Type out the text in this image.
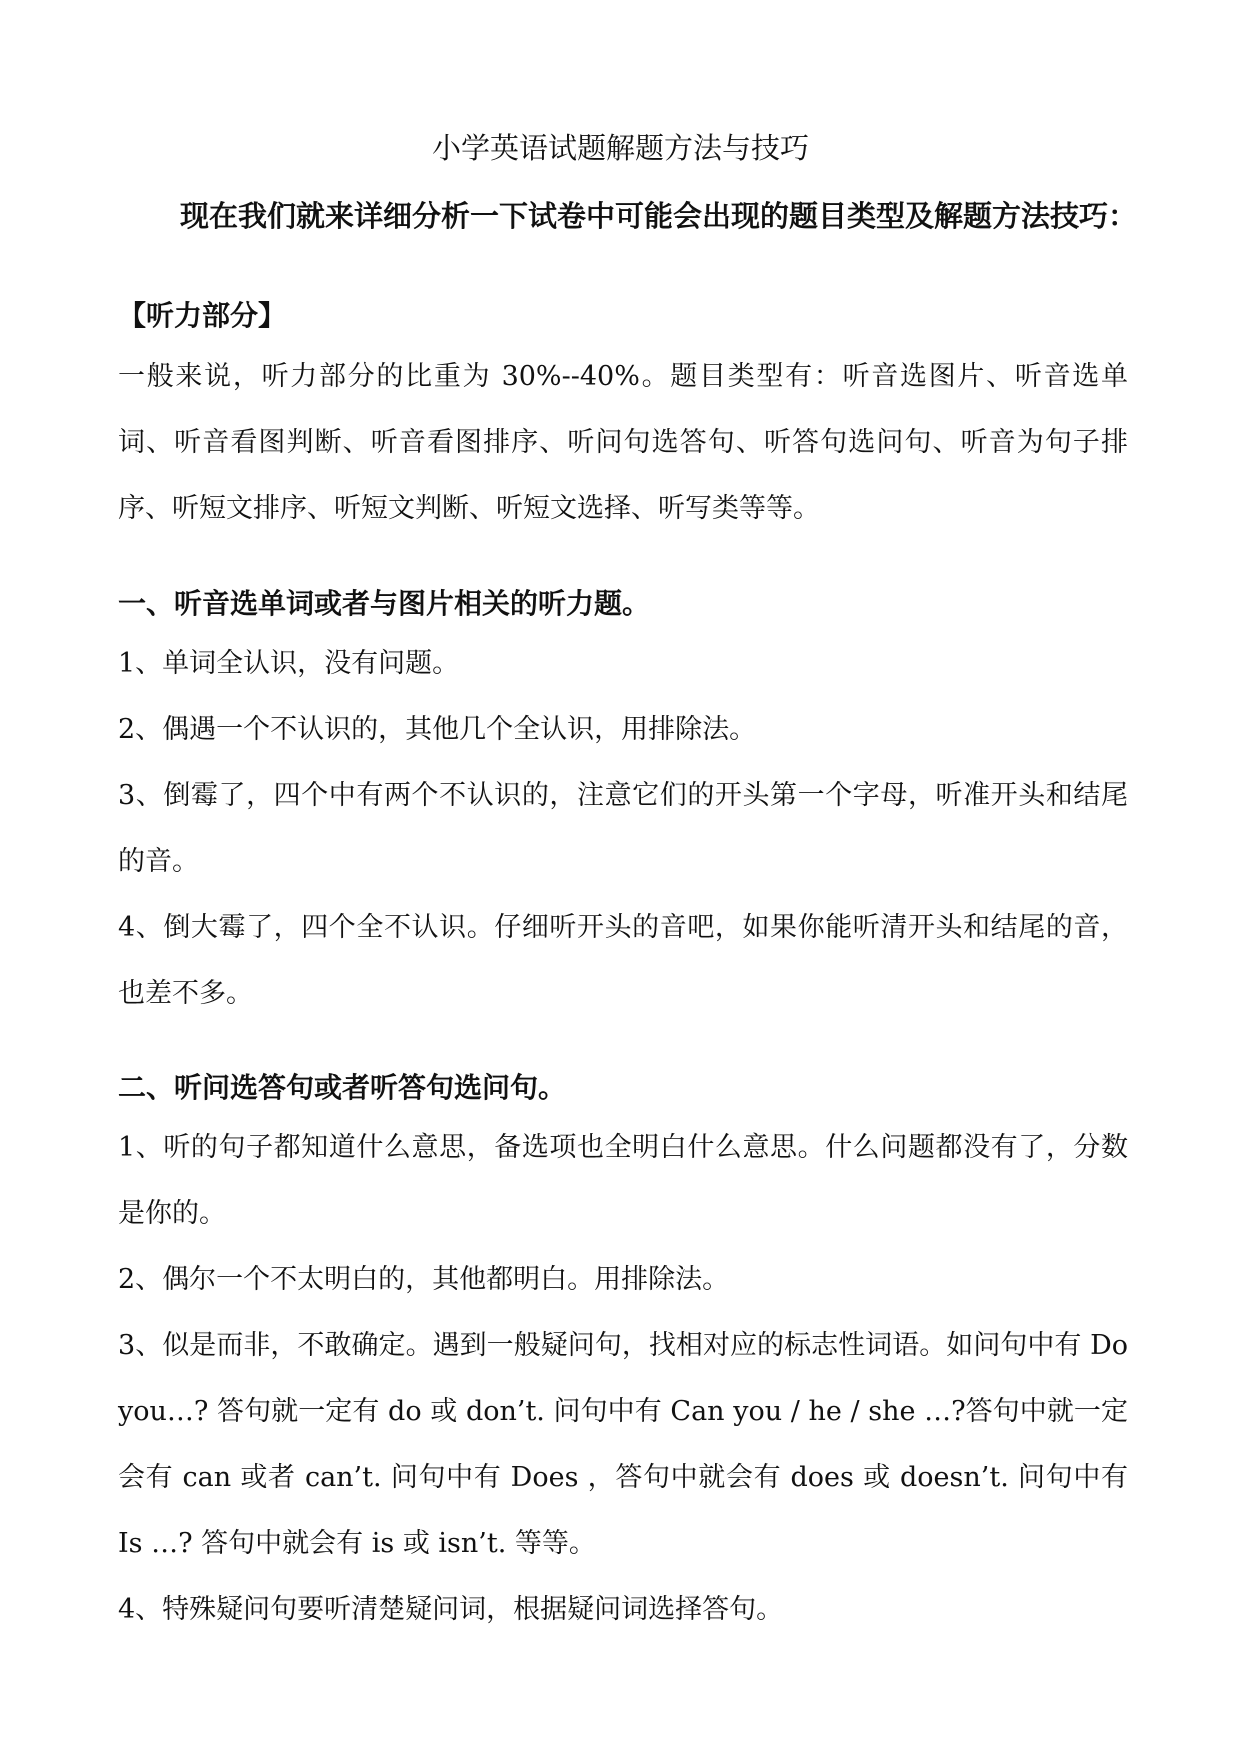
小学英语试题解题方法与技巧
现在我们就来详细分析一下试卷中可能会出现的题目类型及解题方法技巧：
【听力部分】
一般来说，听力部分的比重为 30%--40%。题目类型有：听音选图片、听音选单词、听音看图判断、听音看图排序、听问句选答句、听答句选问句、听音为句子排序、听短文排序、听短文判断、听短文选择、听写类等等。
一、听音选单词或者与图片相关的听力题。
1、单词全认识，没有问题。
2、偶遇一个不认识的，其他几个全认识，用排除法。
3、倒霉了，四个中有两个不认识的，注意它们的开头第一个字母，听准开头和结尾的音。
4、倒大霉了，四个全不认识。仔细听开头的音吧，如果你能听清开头和结尾的音，也差不多。
二、听问选答句或者听答句选问句。
1、听的句子都知道什么意思，备选项也全明白什么意思。什么问题都没有了，分数是你的。
2、偶尔一个不太明白的，其他都明白。用排除法。
3、似是而非，不敢确定。遇到一般疑问句，找相对应的标志性词语。如问句中有 Do you…? 答句就一定有 do 或 don’t. 问句中有 Can you / he / she …?答句中就一定会有 can 或者 can’t. 问句中有 Does ，答句中就会有 does 或 doesn’t. 问句中有 Is …? 答句中就会有 is 或 isn’t. 等等。
4、特殊疑问句要听清楚疑问词，根据疑问词选择答句。
